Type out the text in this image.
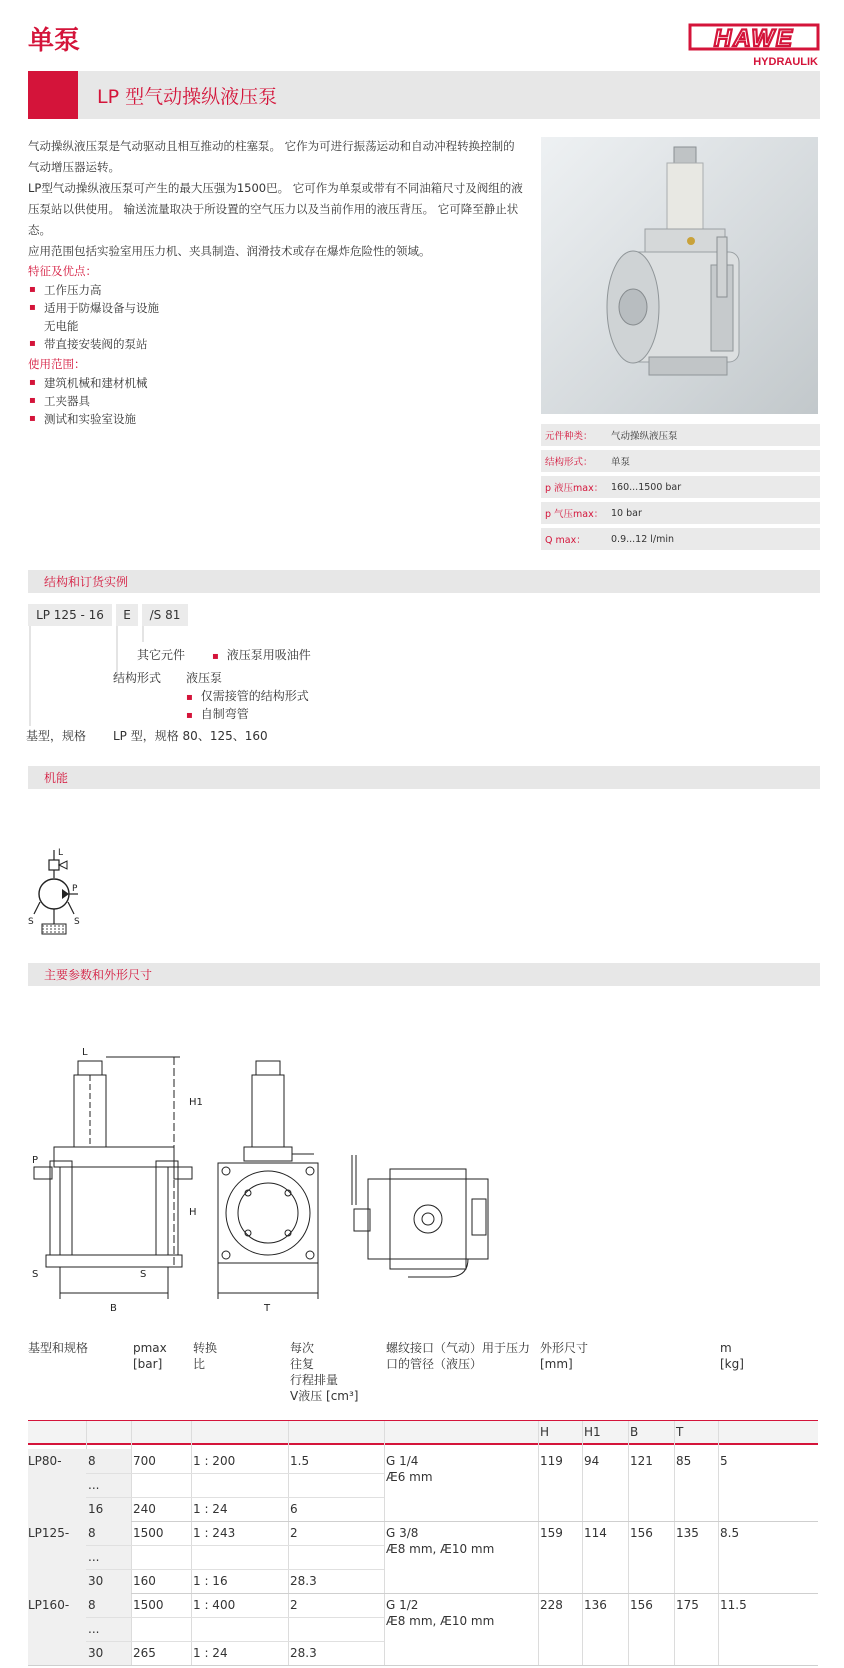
单泵	HAWE
HYDRAULIK
LP 型气动操纵液压泵

气动操纵液压泵是气动驱动且相互推动的柱塞泵。 它作为可进行振荡运动和自动冲程转换控制的气动增压器运转。

LP型气动操纵液压泵可产生的最大压强为1500巴。 它可作为单泵或带有不同油箱尺寸及阀组的液压泵站以供使用。 输送流量取决于所设置的空气压力以及当前作用的液压背压。 它可降至静止状态。

应用范围包括实验室用压力机、夹具制造、润滑技术或存在爆炸危险性的领域。

特征及优点：
▪ 工作压力高
▪ 适用于防爆设备与设施
无电能
▪ 带直接安装阀的泵站
使用范围：
▪ 建筑机械和建材机械
▪ 工夹器具
▪ 测试和实验室设施
元件种类：	气动操纵液压泵
结构形式：	单泵
p 液压max： 160...1500 bar
p 气压max： 10 bar
Q max：	0.9...12 l/min
结构和订货实例
LP 125 - 16	E	/S 81
其它元件
▪	液压泵用吸油件
结构形式 液压泵
▪ 仅需接管的结构形式
▪ 自制弯管
基型，规格 LP 型，规格 80、125、160
机能
L
P
S	S
主要参数和外形尺寸
L
P
S	S
H1
H
B	T
基型和规格	pmax
[bar]
转换
比
每次
往复
行程排量
V液压 [cm³]
螺纹接口（气动）用于压力口的管径（液压）
外形尺寸
[mm]
m
[kg]
H	H1 B	T
LP80-	G 1/4
Æ6 mm
119 94	121 85 5
8	700	1 : 200	1.5
...
16 240	1 : 24	6
LP125-	G 3/8
Æ8 mm, Æ10 mm
159 114 156 135 8.5
8	1500 1 : 243	2
...
30 160	1 : 16	28.3
LP160-	G 1/2
Æ8 mm, Æ10 mm
228 136 156 175 11.5
8	1500 1 : 400	2
...
30 265	1 : 24	28.3
